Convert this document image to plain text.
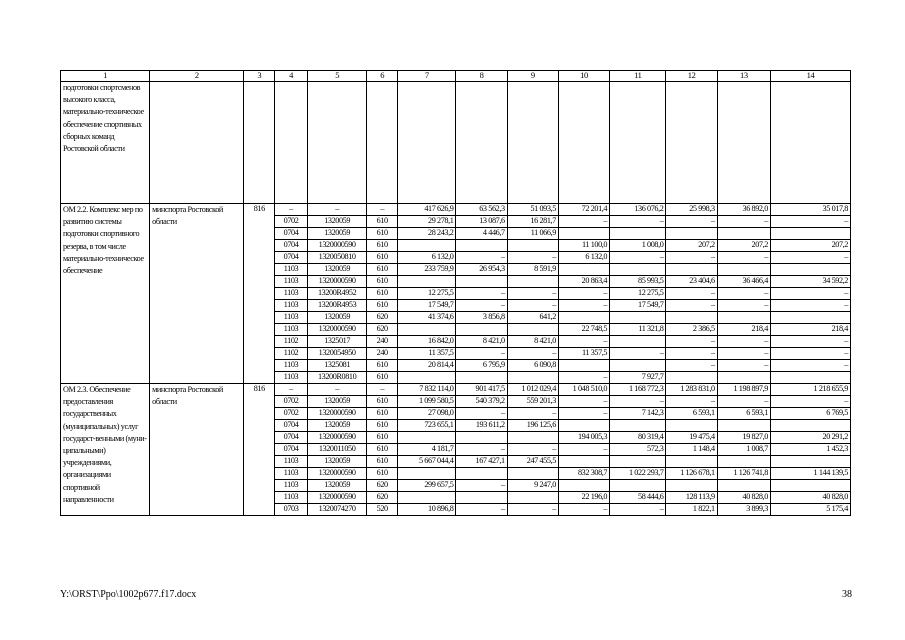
1	2	3	4	5	6	7	8	9	10	11	12	13	14
подготовки спортсменов высокого класса, материально-техническое обеспечение спортивных сборных команд Ростовской области													
ОМ 2.2. Комплекс мер по развитию системы подготовки спортивного резерва, в том числе материально-техническое обеспечение	минспорта Ростовской области	816	–	–	–	417 626,9	63 562,3	51 093,5	72 201,4	136 076,2	25 998,3	36 892,0	35 017,8
			0702	1320059	610	29 278,1	13 087,6	16 281,7	–	–	–	–	–
			0704	1320059	610	28 243,2	4 446,7	11 066,9					
			0704	1320000590	610				11 100,0	1 008,0	207,2	207,2	207,2
			0704	1320050810	610	6 132,0	–	–	6 132,0	–	–	–	–
			1103	1320059	610	233 759,9	26 954,3	8 591,9					
			1103	1320000590	610				20 863,4	85 993,5	23 404,6	36 466,4	34 592,2
			1103	13200R4952	610	12 275,5	–	–	–	12 275,5	–	–	–
			1103	13200R4953	610	17 549,7	–	–	–	17 549,7	–	–	–
			1103	1320059	620	41 374,6	3 856,8	641,2					
			1103	1320000590	620				22 748,5	11 321,8	2 386,5	218,4	218,4
			1102	1325017	240	16 842,0	8 421,0	8 421,0	–		–	–	–
			1102	1320054950	240	11 357,5	–	–	11 357,5	–	–	–	–
			1103	1325081	610	20 814,4	6 795,9	6 090,8			–	–	–
			1103	13200R0810	610				–	7 927,7			
ОМ 2.3. Обеспечение предоставления государственных (муниципальных) услуг государст-венными (муни-ципальными) учреждениями, организациями спортивной направленности	минспорта Ростовской области	816	–	–	–	7 832 114,0	901 417,5	1 012 029,4	1 048 510,0	1 168 772,3	1 283 831,0	1 198 897,9	1 218 655,9
			0702	1320059	610	1 099 580,5	540 379,2	559 201,3	–	–	–	–	–
			0702	1320000590	610	27 098,0	–	–	–	7 142,3	6 593,1	6 593,1	6 769,5
			0704	1320059	610	723 655,1	193 611,2	196 125,6					
			0704	1320000590	610				194 005,3	80 319,4	19 475,4	19 827,0	20 291,2
			0704	1320011050	610	4 181,7	–	–	–	572,3	1 148,4	1 008,7	1 452,3
			1103	1320059	610	5 667 044,4	167 427,1	247 455,5					
			1103	1320000590	610				832 308,7	1 022 293,7	1 126 678,1	1 126 741,8	1 144 139,5
			1103	1320059	620	299 657,5	–	9 247,0					
			1103	1320000590	620				22 196,0	58 444,6	128 113,9	40 828,0	40 828,0
			0703	1320074270	520	10 896,8	–	–	–	–	1 822,1	3 899,3	5 175,4
Y:\ORST\Ppo\1002p677.f17.docx	38
